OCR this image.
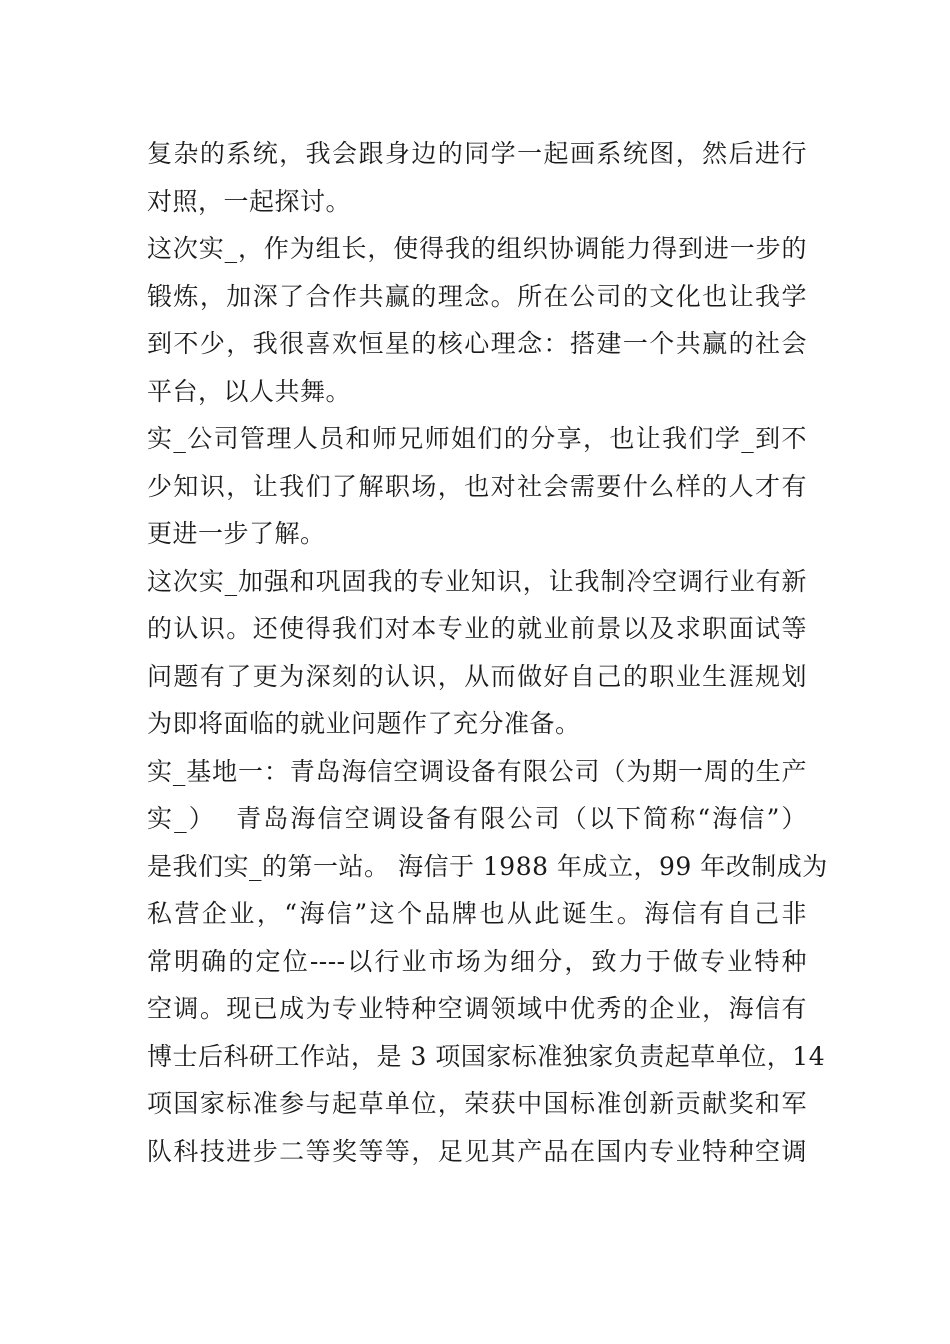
复杂的系统，我会跟身边的同学一起画系统图，然后进行
对照，一起探讨。
这次实_，作为组长，使得我的组织协调能力得到进一步的
锻炼，加深了合作共赢的理念。所在公司的文化也让我学
到不少，我很喜欢恒星的核心理念：搭建一个共赢的社会
平台，以人共舞。
实_公司管理人员和师兄师姐们的分享，也让我们学_到不
少知识，让我们了解职场，也对社会需要什么样的人才有
更进一步了解。
这次实_加强和巩固我的专业知识，让我制冷空调行业有新
的认识。还使得我们对本专业的就业前景以及求职面试等
问题有了更为深刻的认识，从而做好自己的职业生涯规划
为即将面临的就业问题作了充分准备。
实_基地一：青岛海信空调设备有限公司（为期一周的生产
实_）  青岛海信空调设备有限公司（以下简称“海信”）
是我们实_的第一站。 海信于 1988 年成立，99 年改制成为
私营企业，“海信”这个品牌也从此诞生。海信有自己非
常明确的定位----以行业市场为细分，致力于做专业特种
空调。现已成为专业特种空调领域中优秀的企业，海信有
博士后科研工作站，是 3 项国家标准独家负责起草单位，14
项国家标准参与起草单位，荣获中国标准创新贡献奖和军
队科技进步二等奖等等，足见其产品在国内专业特种空调
